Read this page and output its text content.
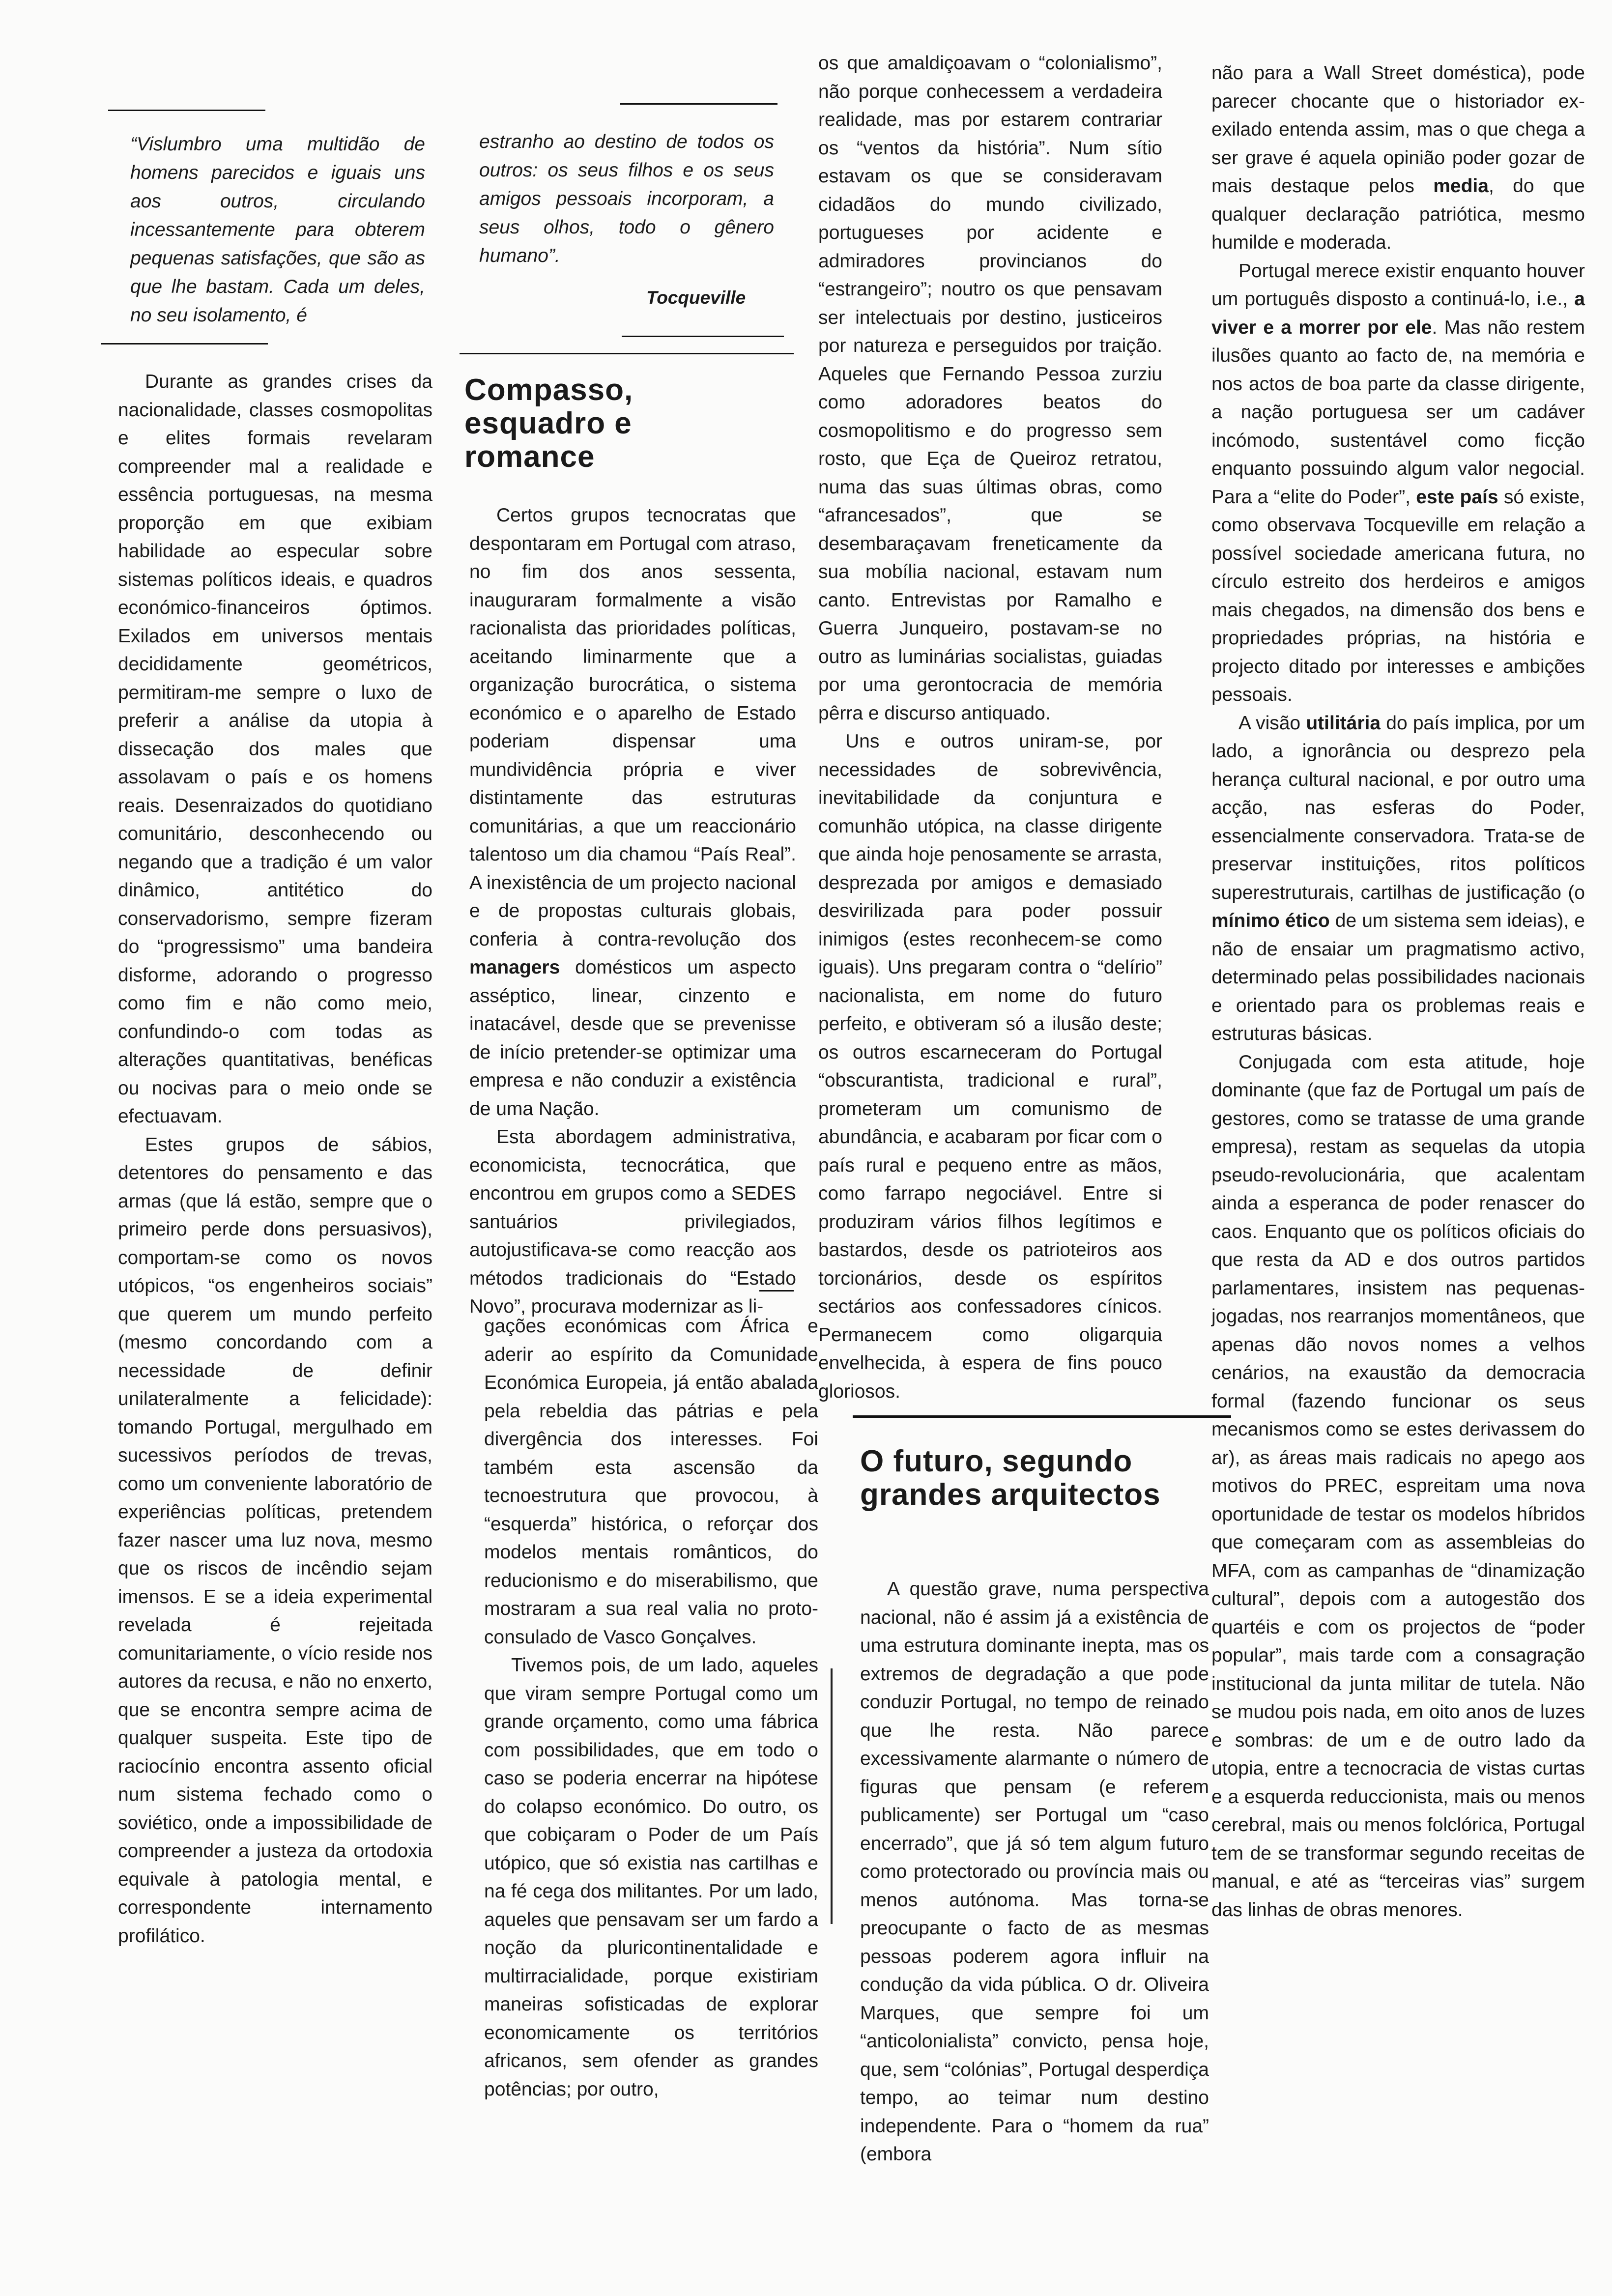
“Vislumbro uma multidão de homens parecidos e iguais uns aos outros, circulando incessantemente para obterem pequenas satisfações, que são as que lhe bastam. Cada um deles, no seu isolamento, é
estranho ao destino de todos os outros: os seus filhos e os seus amigos pessoais incorporam, a seus olhos, todo o gênero humano”.
Tocqueville
Compasso, esquadro e romance

Durante as grandes crises da nacionalidade, classes cosmopolitas e elites formais revelaram compreender mal a realidade e essência portuguesas, na mesma proporção em que exibiam habilidade ao especular sobre sistemas políticos ideais, e quadros económico-financeiros óptimos. Exilados em universos mentais decididamente geométricos, permitiram-me sempre o luxo de preferir a análise da utopia à dissecação dos males que assolavam o país e os homens reais. Desenraizados do quotidiano comunitário, desconhecendo ou negando que a tradição é um valor dinâmico, antitético do conservadorismo, sempre fizeram do “progressismo” uma bandeira disforme, adorando o progresso como fim e não como meio, confundindo-o com todas as alterações quantitativas, benéficas ou nocivas para o meio onde se efectuavam.

Estes grupos de sábios, detentores do pensamento e das armas (que lá estão, sempre que o primeiro perde dons persuasivos), comportam-se como os novos utópicos, “os engenheiros sociais” que querem um mundo perfeito (mesmo concordando com a necessidade de definir unilateralmente a felicidade): tomando Portugal, mergulhado em sucessivos períodos de trevas, como um conveniente laboratório de experiências políticas, pretendem fazer nascer uma luz nova, mesmo que os riscos de incêndio sejam imensos. E se a ideia experimental revelada é rejeitada comunitariamente, o vício reside nos autores da recusa, e não no enxerto, que se encontra sempre acima de qualquer suspeita. Este tipo de raciocínio encontra assento oficial num sistema fechado como o soviético, onde a impossibilidade de compreender a justeza da ortodoxia equivale à patologia mental, e correspondente internamento profilático.

Certos grupos tecnocratas que despontaram em Portugal com atraso, no fim dos anos sessenta, inauguraram formalmente a visão racionalista das prioridades políticas, aceitando liminarmente que a organização burocrática, o sistema económico e o aparelho de Estado poderiam dispensar uma mundividência própria e viver distintamente das estruturas comunitárias, a que um reaccionário talentoso um dia chamou “País Real”. A inexistência de um projecto nacional e de propostas culturais globais, conferia à contra-revolução dos managers domésticos um aspecto asséptico, linear, cinzento e inatacável, desde que se prevenisse de início pretender-se optimizar uma empresa e não conduzir a existência de uma Nação.

Esta abordagem administrativa, economicista, tecnocrática, que encontrou em grupos como a SEDES santuários privilegiados, autojustificava-se como reacção aos métodos tradicionais do “Estado Novo”, procurava modernizar as li-

gações económicas com África e aderir ao espírito da Comunidade Económica Europeia, já então abalada pela rebeldia das pátrias e pela divergência dos interesses. Foi também esta ascensão da tecnoestrutura que provocou, à “esquerda” histórica, o reforçar dos modelos mentais românticos, do reducionismo e do miserabilismo, que mostraram a sua real valia no proto-consulado de Vasco Gonçalves.

Tivemos pois, de um lado, aqueles que viram sempre Portugal como um grande orçamento, como uma fábrica com possibilidades, que em todo o caso se poderia encerrar na hipótese do colapso económico. Do outro, os que cobiçaram o Poder de um País utópico, que só existia nas cartilhas e na fé cega dos militantes. Por um lado, aqueles que pensavam ser um fardo a noção da pluricontinentalidade e multirracialidade, porque existiriam maneiras sofisticadas de explorar economicamente os territórios africanos, sem ofender as grandes potências; por outro,

os que amaldiçoavam o “colonialismo”, não porque conhecessem a verdadeira realidade, mas por estarem contrariar os “ventos da história”. Num sítio estavam os que se consideravam cidadãos do mundo civilizado, portugueses por acidente e admiradores provincianos do “estrangeiro”; noutro os que pensavam ser intelectuais por destino, justiceiros por natureza e perseguidos por traição. Aqueles que Fernando Pessoa zurziu como adoradores beatos do cosmopolitismo e do progresso sem rosto, que Eça de Queiroz retratou, numa das suas últimas obras, como “afrancesados”, que se desembaraçavam freneticamente da sua mobília nacional, estavam num canto. Entrevistas por Ramalho e Guerra Junqueiro, postavam-se no outro as luminárias socialistas, guiadas por uma gerontocracia de memória pêrra e discurso antiquado.

Uns e outros uniram-se, por necessidades de sobrevivência, inevitabilidade da conjuntura e comunhão utópica, na classe dirigente que ainda hoje penosamente se arrasta, desprezada por amigos e demasiado desvirilizada para poder possuir inimigos (estes reconhecem-se como iguais). Uns pregaram contra o “delírio” nacionalista, em nome do futuro perfeito, e obtiveram só a ilusão deste; os outros escarneceram do Portugal “obscurantista, tradicional e rural”, prometeram um comunismo de abundância, e acabaram por ficar com o país rural e pequeno entre as mãos, como farrapo negociável. Entre si produziram vários filhos legítimos e bastardos, desde os patrioteiros aos torcionários, desde os espíritos sectários aos confessadores cínicos. Permanecem como oligarquia envelhecida, à espera de fins pouco gloriosos.

O futuro, segundo grandes arquitectos

A questão grave, numa perspectiva nacional, não é assim já a existência de uma estrutura dominante inepta, mas os extremos de degradação a que pode conduzir Portugal, no tempo de reinado que lhe resta. Não parece excessivamente alarmante o número de figuras que pensam (e referem publicamente) ser Portugal um “caso encerrado”, que já só tem algum futuro como protectorado ou província mais ou menos autónoma. Mas torna-se preocupante o facto de as mesmas pessoas poderem agora influir na condução da vida pública. O dr. Oliveira Marques, que sempre foi um “anticolonialista” convicto, pensa hoje, que, sem “colónias”, Portugal desperdiça tempo, ao teimar num destino independente. Para o “homem da rua” (embora

não para a Wall Street doméstica), pode parecer chocante que o historiador ex-exilado entenda assim, mas o que chega a ser grave é aquela opinião poder gozar de mais destaque pelos media, do que qualquer declaração patriótica, mesmo humilde e moderada.

Portugal merece existir enquanto houver um português disposto a continuá-lo, i.e., a viver e a morrer por ele. Mas não restem ilusões quanto ao facto de, na memória e nos actos de boa parte da classe dirigente, a nação portuguesa ser um cadáver incómodo, sustentável como ficção enquanto possuindo algum valor negocial. Para a “elite do Poder”, este país só existe, como observava Tocqueville em relação a possível sociedade americana futura, no círculo estreito dos herdeiros e amigos mais chegados, na dimensão dos bens e propriedades próprias, na história e projecto ditado por interesses e ambições pessoais.

A visão utilitária do país implica, por um lado, a ignorância ou desprezo pela herança cultural nacional, e por outro uma acção, nas esferas do Poder, essencialmente conservadora. Trata-se de preservar instituições, ritos políticos superestruturais, cartilhas de justificação (o mínimo ético de um sistema sem ideias), e não de ensaiar um pragmatismo activo, determinado pelas possibilidades nacionais e orientado para os problemas reais e estruturas básicas.

Conjugada com esta atitude, hoje dominante (que faz de Portugal um país de gestores, como se tratasse de uma grande empresa), restam as sequelas da utopia pseudo-revolucionária, que acalentam ainda a esperanca de poder renascer do caos. Enquanto que os políticos oficiais do que resta da AD e dos outros partidos parlamentares, insistem nas pequenas-jogadas, nos rearranjos momentâneos, que apenas dão novos nomes a velhos cenários, na exaustão da democracia formal (fazendo funcionar os seus mecanismos como se estes derivassem do ar), as áreas mais radicais no apego aos motivos do PREC, espreitam uma nova oportunidade de testar os modelos híbridos que começaram com as assembleias do MFA, com as campanhas de “dinamização cultural”, depois com a autogestão dos quartéis e com os projectos de “poder popular”, mais tarde com a consagração institucional da junta militar de tutela. Não se mudou pois nada, em oito anos de luzes e sombras: de um e de outro lado da utopia, entre a tecnocracia de vistas curtas e a esquerda reduccionista, mais ou menos cerebral, mais ou menos folclórica, Portugal tem de se transformar segundo receitas de manual, e até as “terceiras vias” surgem das linhas de obras menores.
